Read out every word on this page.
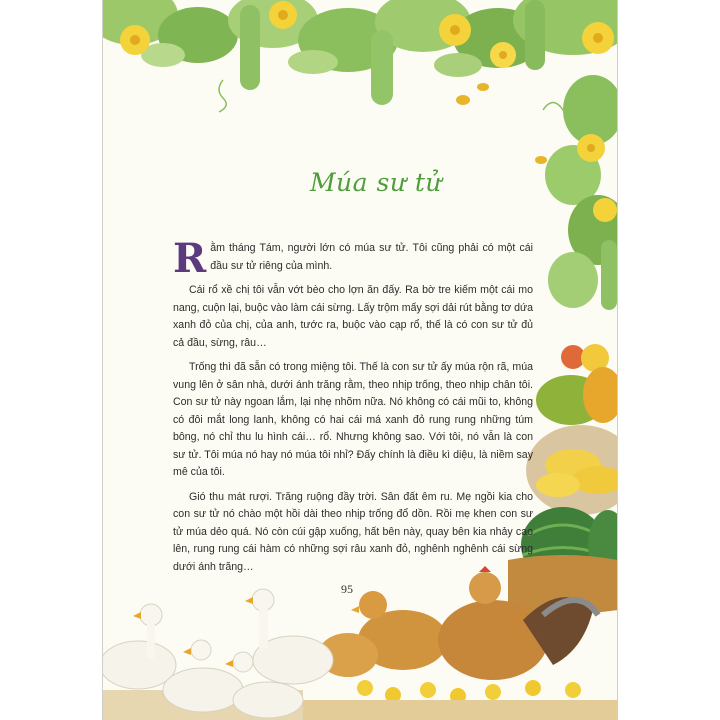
Múa sư tử

Rằm tháng Tám, người lớn có múa sư tử. Tôi cũng phải có một cái đầu sư tử riêng của mình.

Cái rổ xề chị tôi vẫn vớt bèo cho lợn ăn đấy. Ra bờ tre kiếm một cái mo nang, cuộn lại, buộc vào làm cái sừng. Lấy trộm mấy sợi dải rút bằng tơ dứa xanh đỏ của chị, của anh, tước ra, buộc vào cạp rổ, thế là có con sư tử đủ cả đầu, sừng, râu…

Trống thì đã sẵn có trong miệng tôi. Thế là con sư tử ấy múa rộn rã, múa vung lên ở sân nhà, dưới ánh trăng rằm, theo nhịp trống, theo nhịp chân tôi. Con sư tử này ngoan lắm, lại nhẹ nhõm nữa. Nó không có cái mũi to, không có đôi mắt long lanh, không có hai cái má xanh đỏ rung rung những túm bông, nó chỉ thu lu hình cái… rổ. Nhưng không sao. Với tôi, nó vẫn là con sư tử. Tôi múa nó hay nó múa tôi nhỉ? Đấy chính là điều kì diệu, là niềm say mê của tôi.

Gió thu mát rượi. Trăng ruộng đầy trời. Sân đất êm ru. Mẹ ngồi kia cho con sư tử nó chào một hồi dài theo nhịp trống đổ dồn. Rồi mẹ khen con sư tử múa dẻo quá. Nó còn cúi gập xuống, hất bên này, quay bên kia nhảy cao lên, rung rung cái hàm có những sợi râu xanh đỏ, nghênh nghênh cái sừng dưới ánh trăng…

95
